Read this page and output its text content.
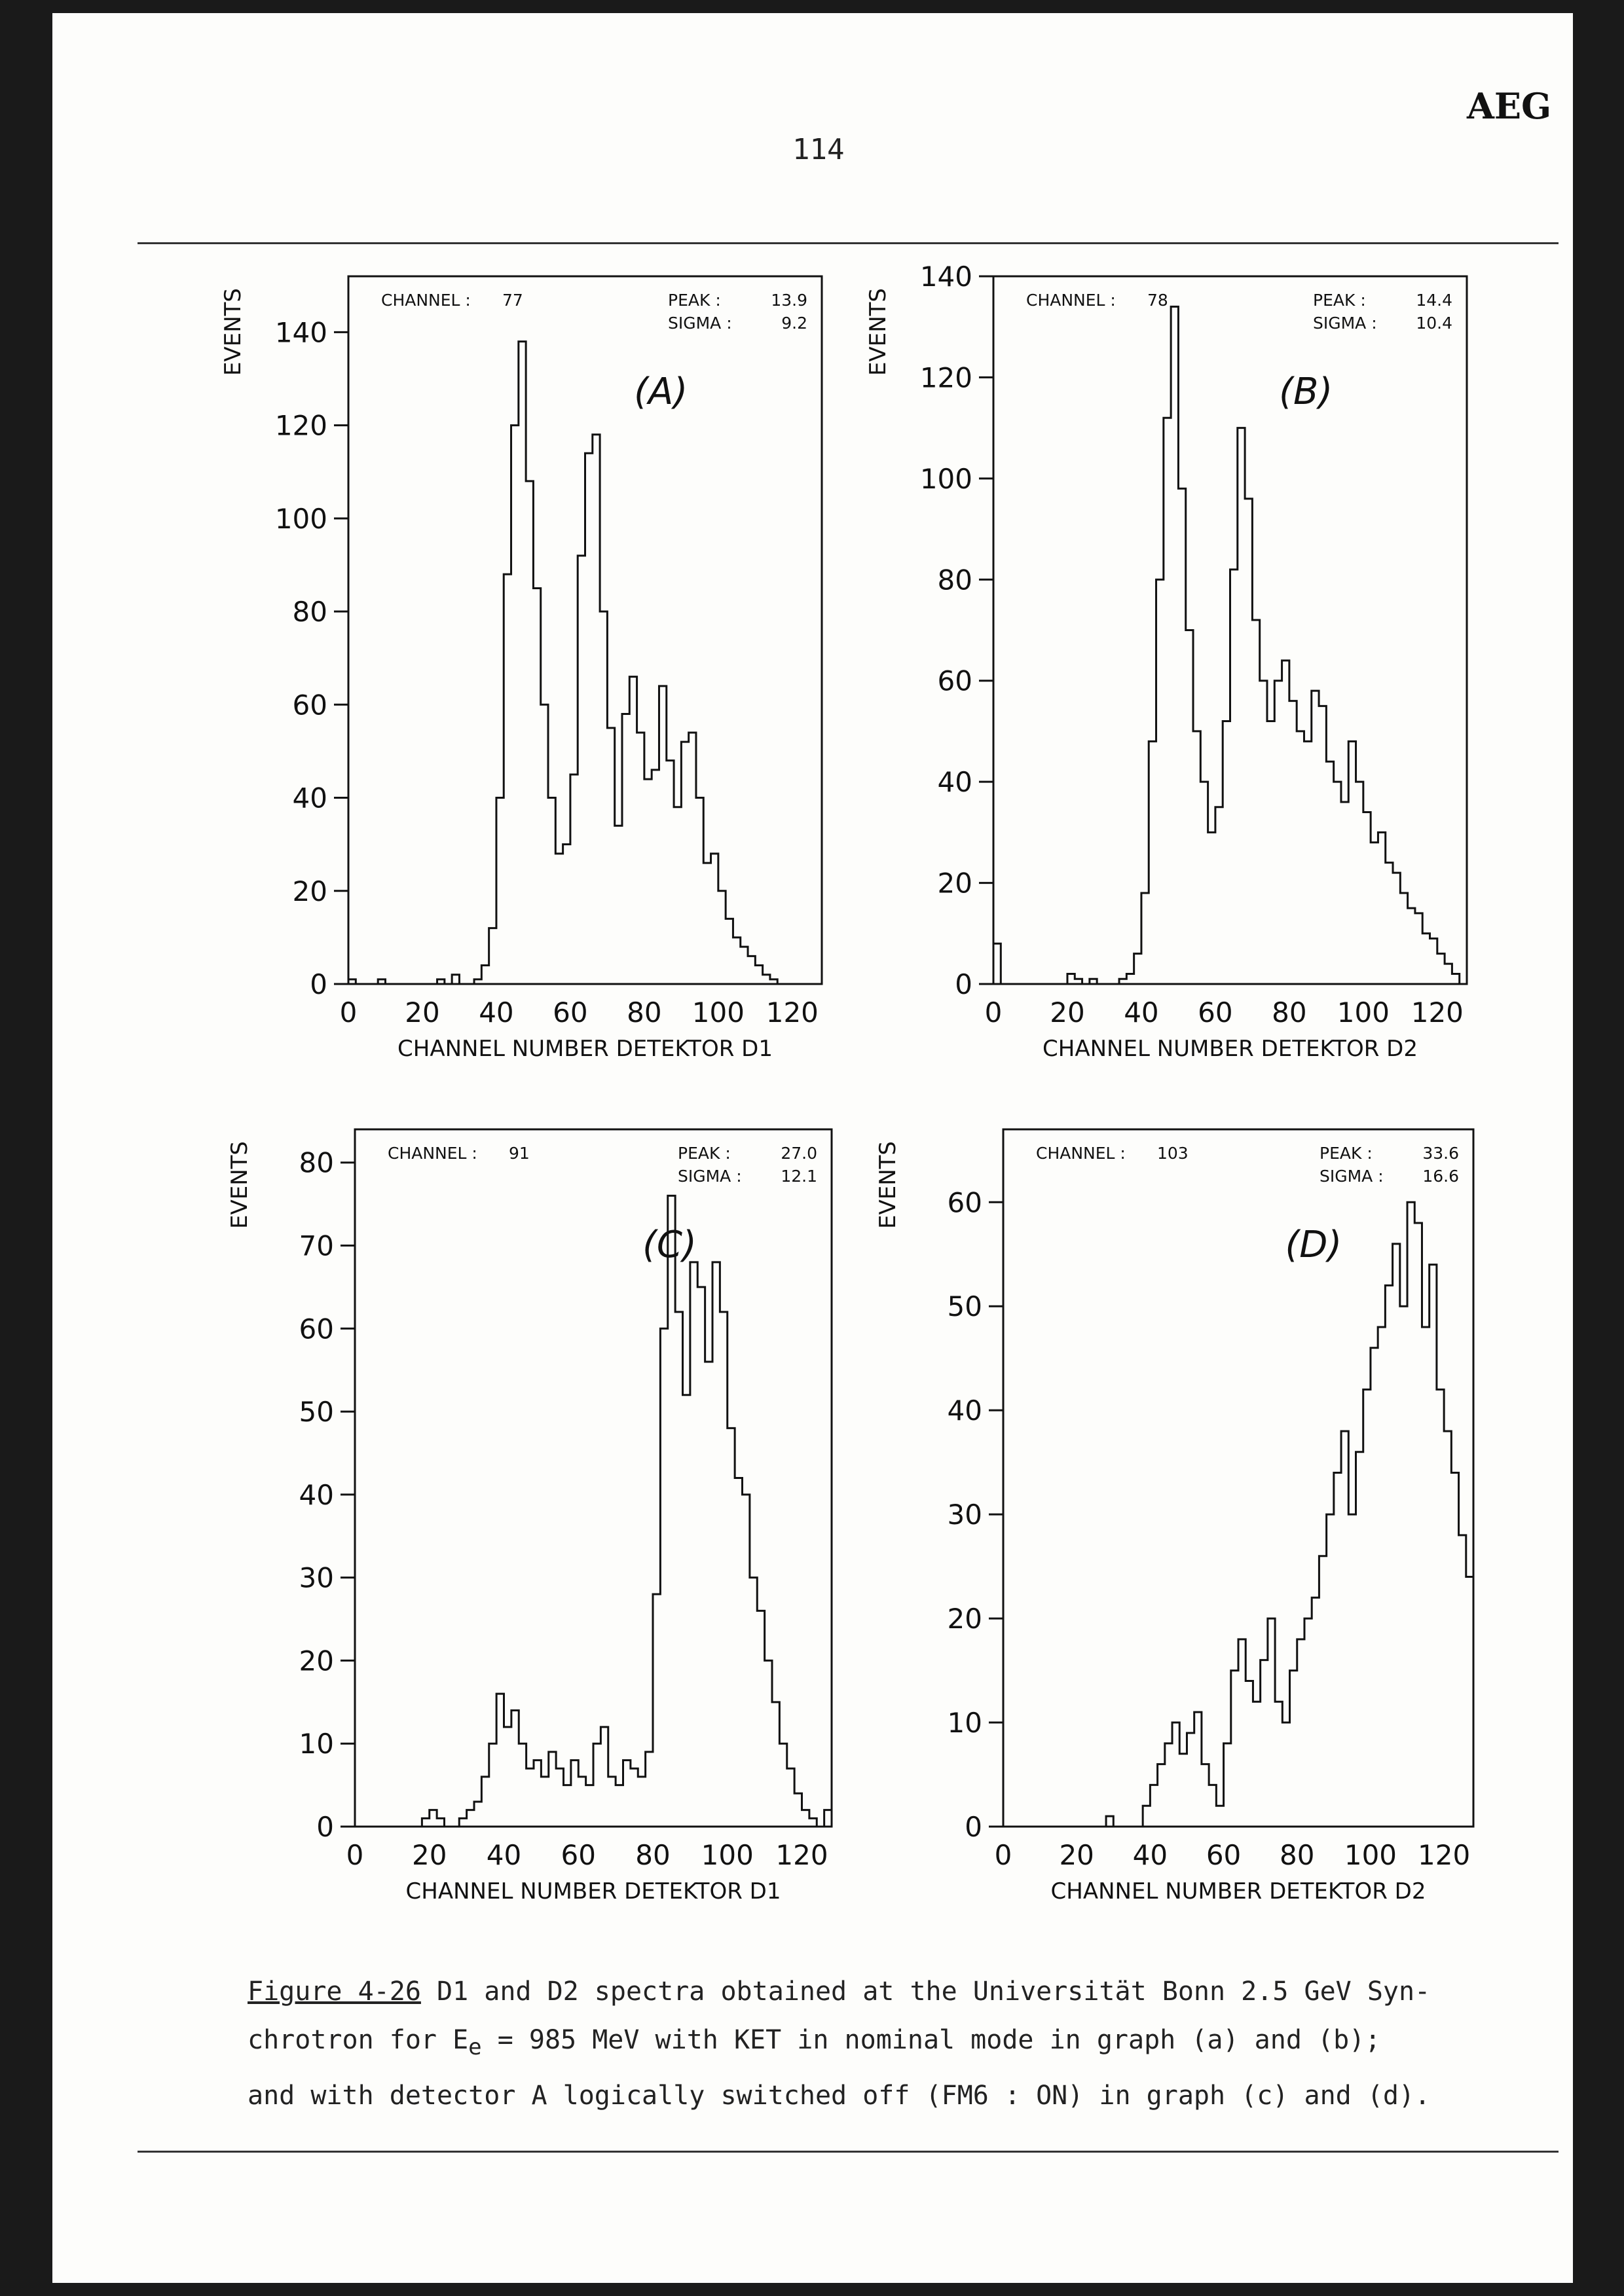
AEG
114
0
20
40
60
80
100
120
140
0 20 40 60 80 100 120
CHANNEL NUMBER DETEKTOR D1
EVENTS	CHANNEL : 77	PEAK :	13.9
SIGMA :	9.2
(A)
0
20
40
60
80
100
120
140
0 20 40 60 80 100 120
CHANNEL NUMBER DETEKTOR D2
EVENTS	CHANNEL : 78	PEAK :	14.4
SIGMA : 10.4
(B)
0
10
20
30
40
50
60
70
80
0 20 40 60 80 100 120
CHANNEL NUMBER DETEKTOR D1
EVENTS	CHANNEL : 91	PEAK :	27.0
SIGMA : 12.1
(C)
0
10
20
30
40
50
60
0 20 40 60 80 100 120
CHANNEL NUMBER DETEKTOR D2
EVENTS	CHANNEL : 103	PEAK :	33.6
SIGMA : 16.6
(D)
Figure 4-26 D1 and D2 spectra obtained at the Universität Bonn 2.5 GeV Syn-
chrotron for $E_e = 985$ MeV with KET in nominal mode in graph (a) and (b);
and with detector A logically switched off (FM6 : ON) in graph (c) and (d).
